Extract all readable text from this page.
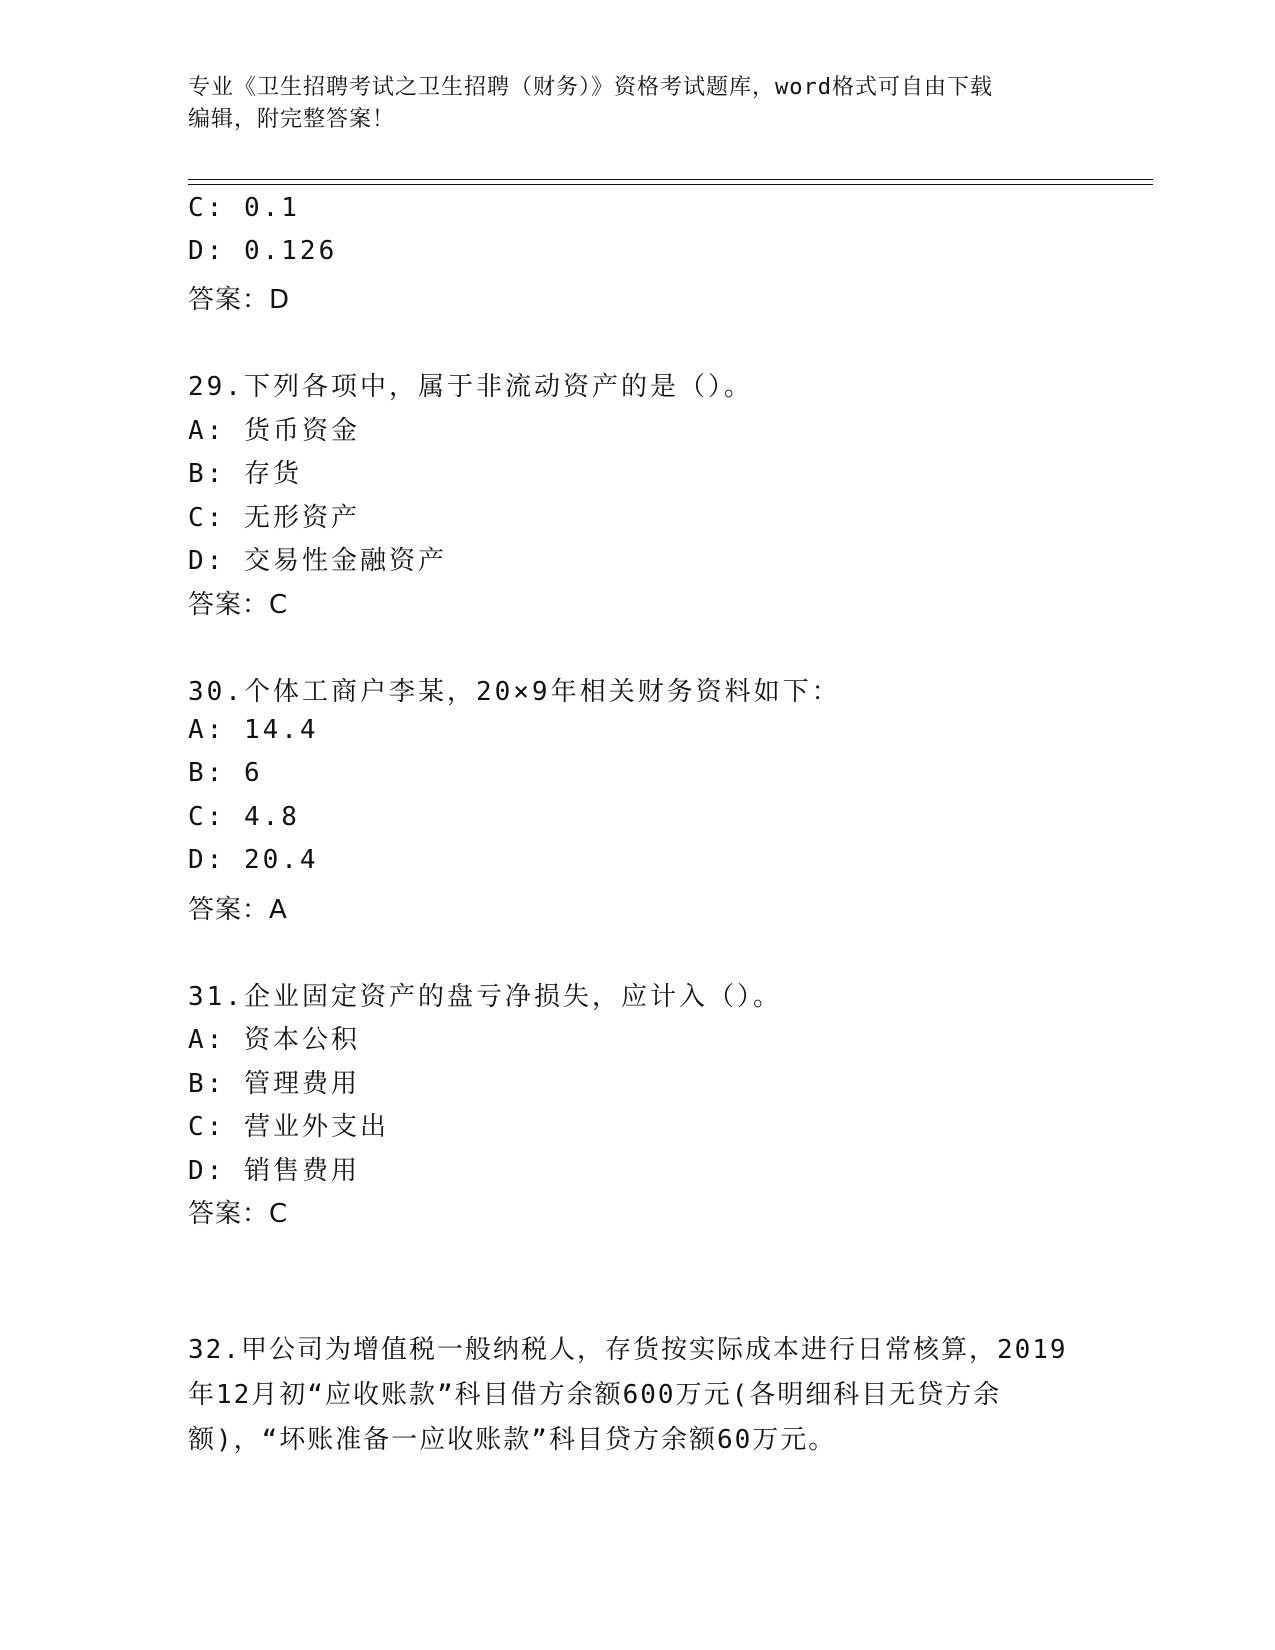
专业《卫生招聘考试之卫生招聘（财务）》资格考试题库，word格式可自由下载
编辑，附完整答案！
C: 0.1
D: 0.126
答案：D
29.下列各项中，属于非流动资产的是（）。
A: 货币资金
B: 存货
C: 无形资产
D: 交易性金融资产
答案：C
30.个体工商户李某，20×9年相关财务资料如下：
A: 14.4
B: 6
C: 4.8
D: 20.4
答案：A
31.企业固定资产的盘亏净损失，应计入（）。
A: 资本公积
B: 管理费用
C: 营业外支出
D: 销售费用
答案：C
32.甲公司为增值税一般纳税人，存货按实际成本进行日常核算，2019年12月初“应收账款”科目借方余额600万元(各明细科目无贷方余额)，“坏账准备一应收账款”科目贷方余额60万元。
